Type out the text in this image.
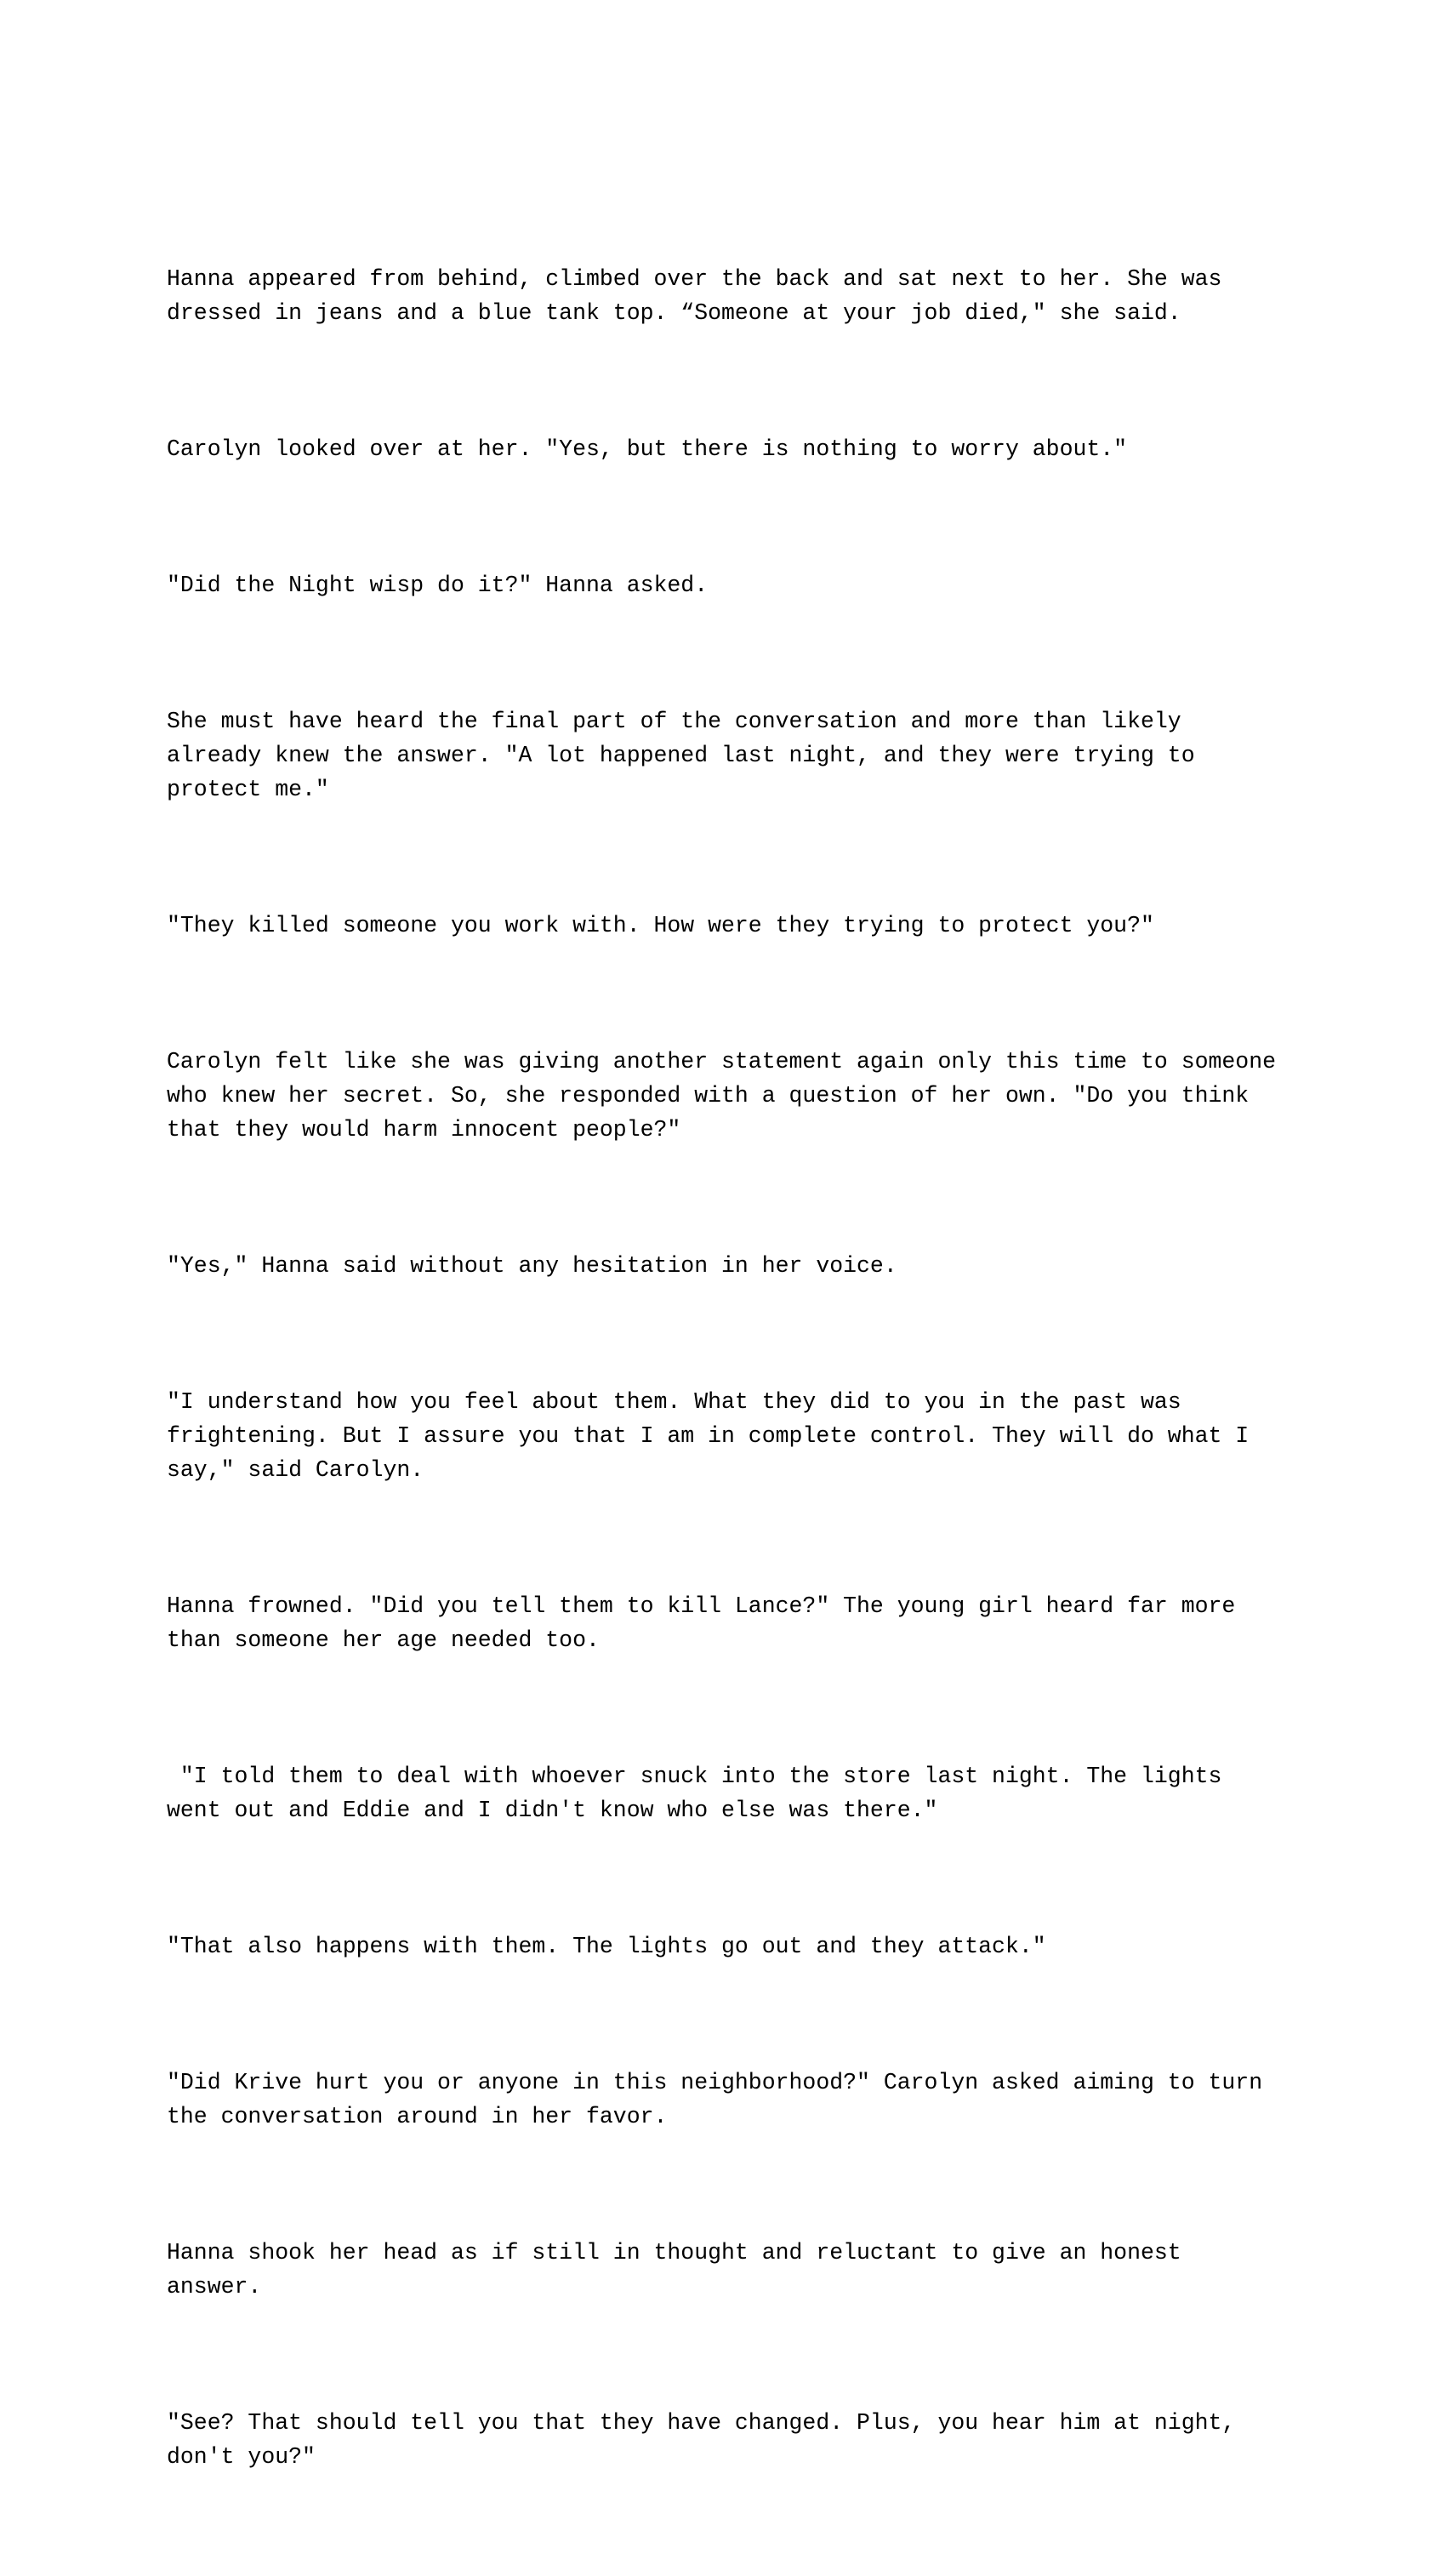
Hanna appeared from behind, climbed over the back and sat next to her. She was dressed in jeans and a blue tank top. “Someone at your job died," she said.

Carolyn looked over at her. "Yes, but there is nothing to worry about."

"Did the Night wisp do it?" Hanna asked.

She must have heard the final part of the conversation and more than likely already knew the answer. "A lot happened last night, and they were trying to protect me."

"They killed someone you work with. How were they trying to protect you?"

Carolyn felt like she was giving another statement again only this time to someone who knew her secret. So, she responded with a question of her own. "Do you think that they would harm innocent people?"

"Yes," Hanna said without any hesitation in her voice.

"I understand how you feel about them. What they did to you in the past was frightening. But I assure you that I am in complete control. They will do what I say," said Carolyn.

Hanna frowned. "Did you tell them to kill Lance?" The young girl heard far more than someone her age needed too.

"I told them to deal with whoever snuck into the store last night. The lights went out and Eddie and I didn't know who else was there."

"That also happens with them. The lights go out and they attack."

"Did Krive hurt you or anyone in this neighborhood?" Carolyn asked aiming to turn the conversation around in her favor.

Hanna shook her head as if still in thought and reluctant to give an honest answer.

"See? That should tell you that they have changed. Plus, you hear him at night, don't you?"
